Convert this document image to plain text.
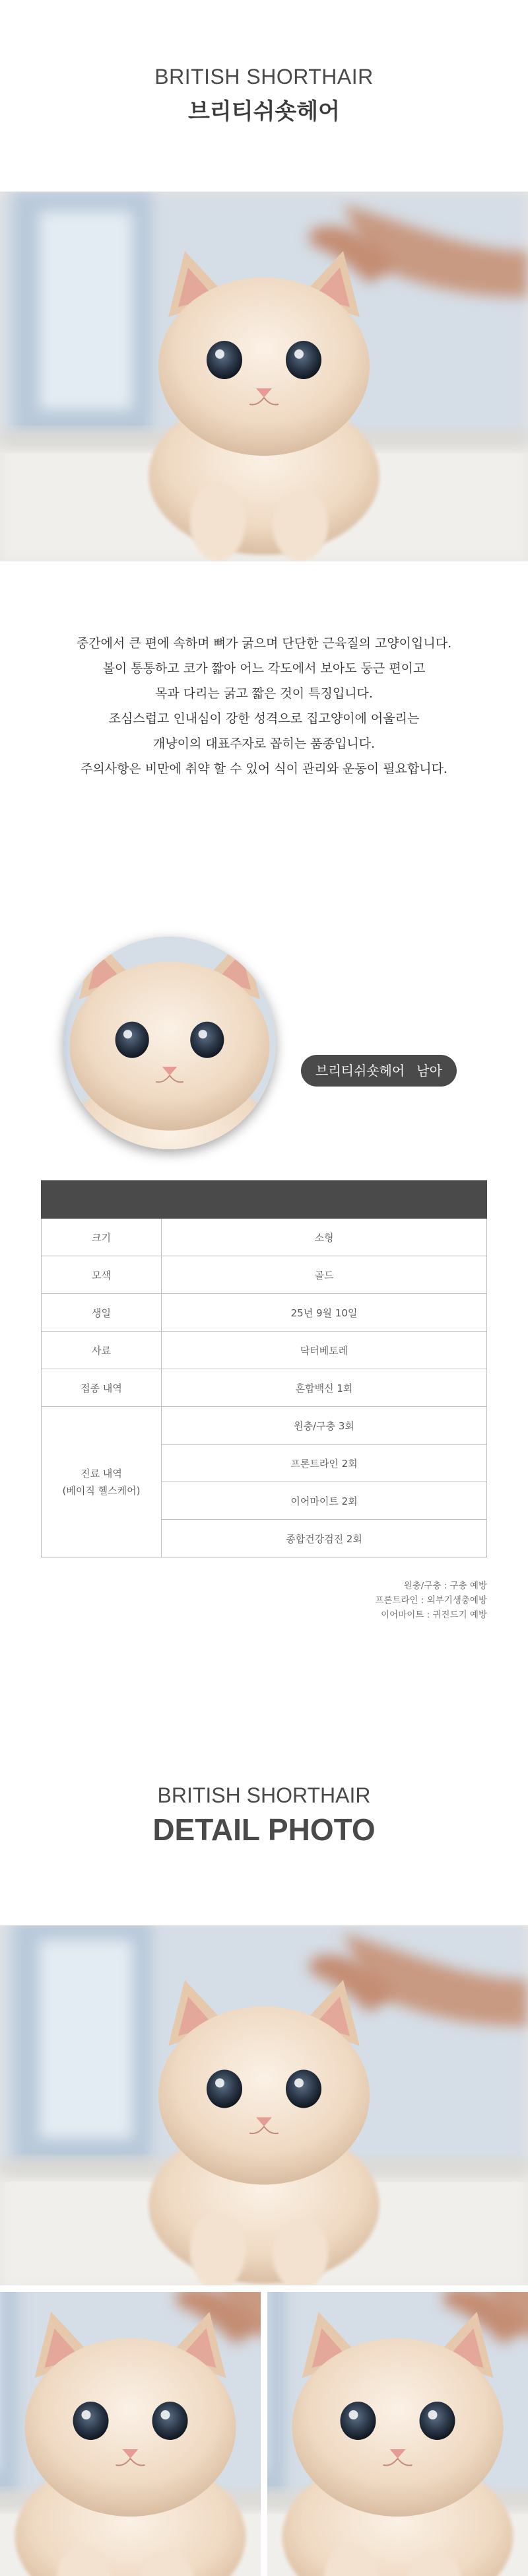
BRITISH SHORTHAIR
브리티쉬숏헤어
중간에서 큰 편에 속하며 뼈가 굵으며 단단한 근육질의 고양이입니다.
볼이 통통하고 코가 짧아 어느 각도에서 보아도 둥근 편이고
목과 다리는 굵고 짧은 것이 특징입니다.
조심스럽고 인내심이 강한 성격으로 집고양이에 어울리는
개냥이의 대표주자로 꼽히는 품종입니다.
주의사항은 비만에 취약 할 수 있어 식이 관리와 운동이 필요합니다.
브리티쉬숏헤어 남아

크기	소형
모색	골드
생일	25년 9월 10일
사료	닥터베토레
접종 내역	혼합백신 1회

진료 내역
(베이직 헬스케어)	원충/구충 3회
	프론트라인 2회
	이어마이트 2회
	종합건강검진 2회
원충/구충 : 구충 예방
프론트라인 : 외부기생충예방
이어마이트 : 귀진드기 예방
BRITISH SHORTHAIR
DETAIL PHOTO
